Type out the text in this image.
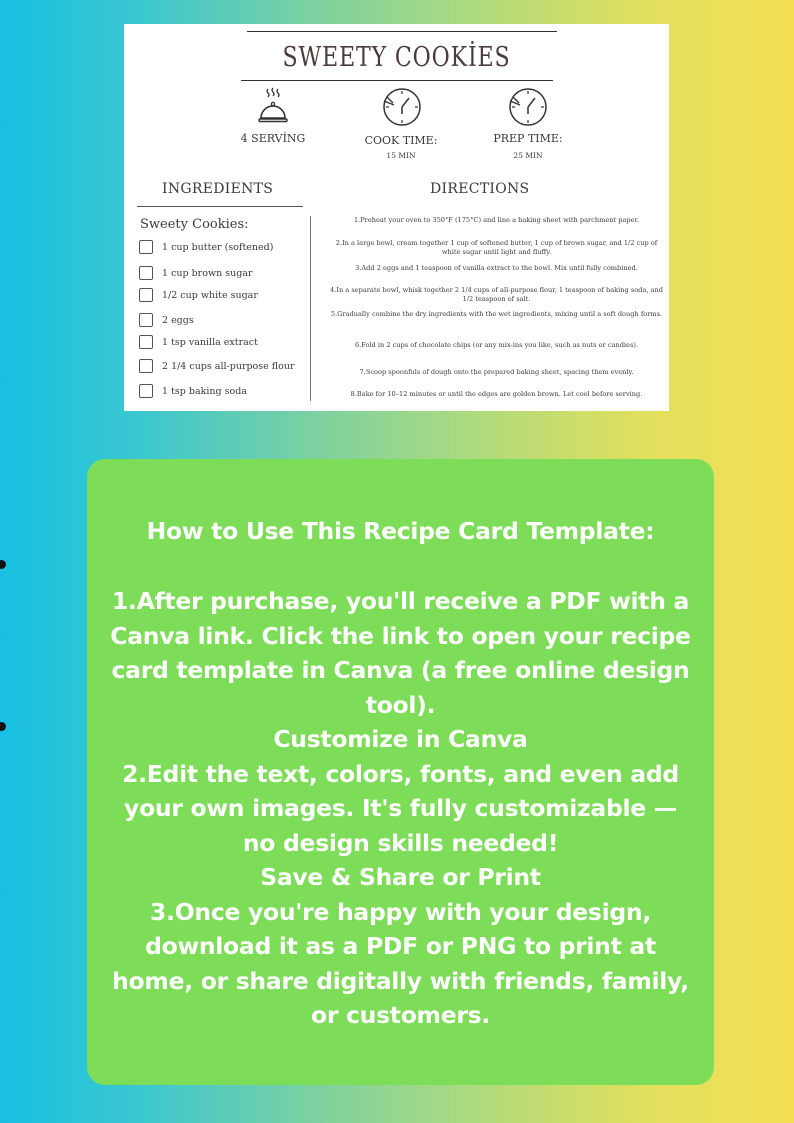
SWEETY COOKİES
4 SERVİNG	COOK TIME:
15 MIN
PREP TIME:
25 MIN
INGREDIENTS	DIRECTIONS
Sweety Cookies:
1 cup butter (softened)
1 cup brown sugar
1/2 cup white sugar
2 eggs
1 tsp vanilla extract
2 1/4 cups all-purpose flour
1 tsp baking soda
1.Preheat your oven to 350°F (175°C) and line a baking sheet with parchment paper.
2.In a large bowl, cream together 1 cup of softened butter, 1 cup of brown sugar, and 1/2 cup of white sugar until light and fluffy.
3.Add 2 eggs and 1 teaspoon of vanilla extract to the bowl. Mix until fully combined.
4.In a separate bowl, whisk together 2 1/4 cups of all-purpose flour, 1 teaspoon of baking soda, and 1/2 teaspoon of salt.
5.Gradually combine the dry ingredients with the wet ingredients, mixing until a soft dough forms.
6.Fold in 2 cups of chocolate chips (or any mix-ins you like, such as nuts or candies).
7.Scoop spoonfuls of dough onto the prepared baking sheet, spacing them evenly.
8.Bake for 10–12 minutes or until the edges are golden brown. Let cool before serving.
How to Use This Recipe Card Template:
1.After purchase, you'll receive a PDF with a
Canva link. Click the link to open your recipe
card template in Canva (a free online design
tool).
Customize in Canva
2.Edit the text, colors, fonts, and even add
your own images. It's fully customizable —
no design skills needed!
Save & Share or Print
3.Once you're happy with your design,
download it as a PDF or PNG to print at
home, or share digitally with friends, family,
or customers.
